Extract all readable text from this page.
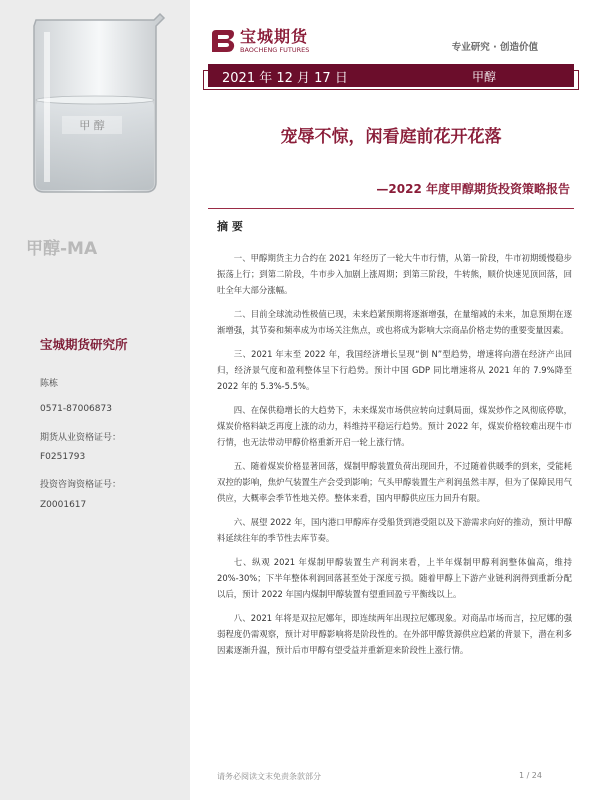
甲 醇
甲醇-MA
宝城期货研究所
陈栋
0571-87006873
期货从业资格证号：
F0251793
投资咨询资格证号：
Z0001617
宝城期货
BAOCHENG FUTURES	专业研究 · 创造价值
2021 年 12 月 17 日	甲醇
宠辱不惊，闲看庭前花开花落
—2022 年度甲醇期货投资策略报告
摘 要

一、甲醇期货主力合约在 2021 年经历了一轮大牛市行情，从第一阶段，牛市初期缓慢稳步振荡上行；到第二阶段，牛市步入加剧上涨周期；到第三阶段，牛转熊，顺价快速见顶回落，回吐全年大部分涨幅。

二、目前全球流动性极值已现，未来趋紧预期将逐渐增强，在量缩减的未来，加息预期在逐渐增强，其节奏和频率成为市场关注焦点，或也将成为影响大宗商品价格走势的重要变量因素。

三、2021 年末至 2022 年，我国经济增长呈现“倒 N”型趋势，增速将向潜在经济产出回归，经济景气度和盈利整体呈下行趋势。预计中国 GDP 同比增速将从 2021 年的 7.9%降至 2022 年的 5.3%-5.5%。

四、在保供稳增长的大趋势下，未来煤炭市场供应转向过剩局面，煤炭炒作之风彻底停歇，煤炭价格料缺乏再度上涨的动力，料维持平稳运行趋势。预计 2022 年，煤炭价格较难出现牛市行情，也无法带动甲醇价格重新开启一轮上涨行情。

五、随着煤炭价格显著回落，煤制甲醇装置负荷出现回升，不过随着供暖季的到来，受能耗双控的影响，焦炉气装置生产会受到影响；气头甲醇装置生产利润虽然丰厚，但为了保障民用气供应，大概率会季节性地关停。整体来看，国内甲醇供应压力回升有限。

六、展望 2022 年，国内港口甲醇库存受船货到港受阻以及下游需求向好的推动，预计甲醇料延续往年的季节性去库节奏。

七、纵观 2021 年煤制甲醇装置生产利润来看，上半年煤制甲醇利润整体偏高，维持 20%-30%；下半年整体利润回落甚至处于深度亏损。随着甲醇上下游产业链利润得到重新分配以后，预计 2022 年国内煤制甲醇装置有望重回盈亏平衡线以上。

八、2021 年将是双拉尼娜年，即连续两年出现拉尼娜现象。对商品市场而言，拉尼娜的强弱程度仍需观察，预计对甲醇影响将是阶段性的。在外部甲醇货源供应趋紧的背景下，潜在利多因素逐渐升温，预计后市甲醇有望受益并重新迎来阶段性上涨行情。

请务必阅读文末免责条款部分	1 / 24
